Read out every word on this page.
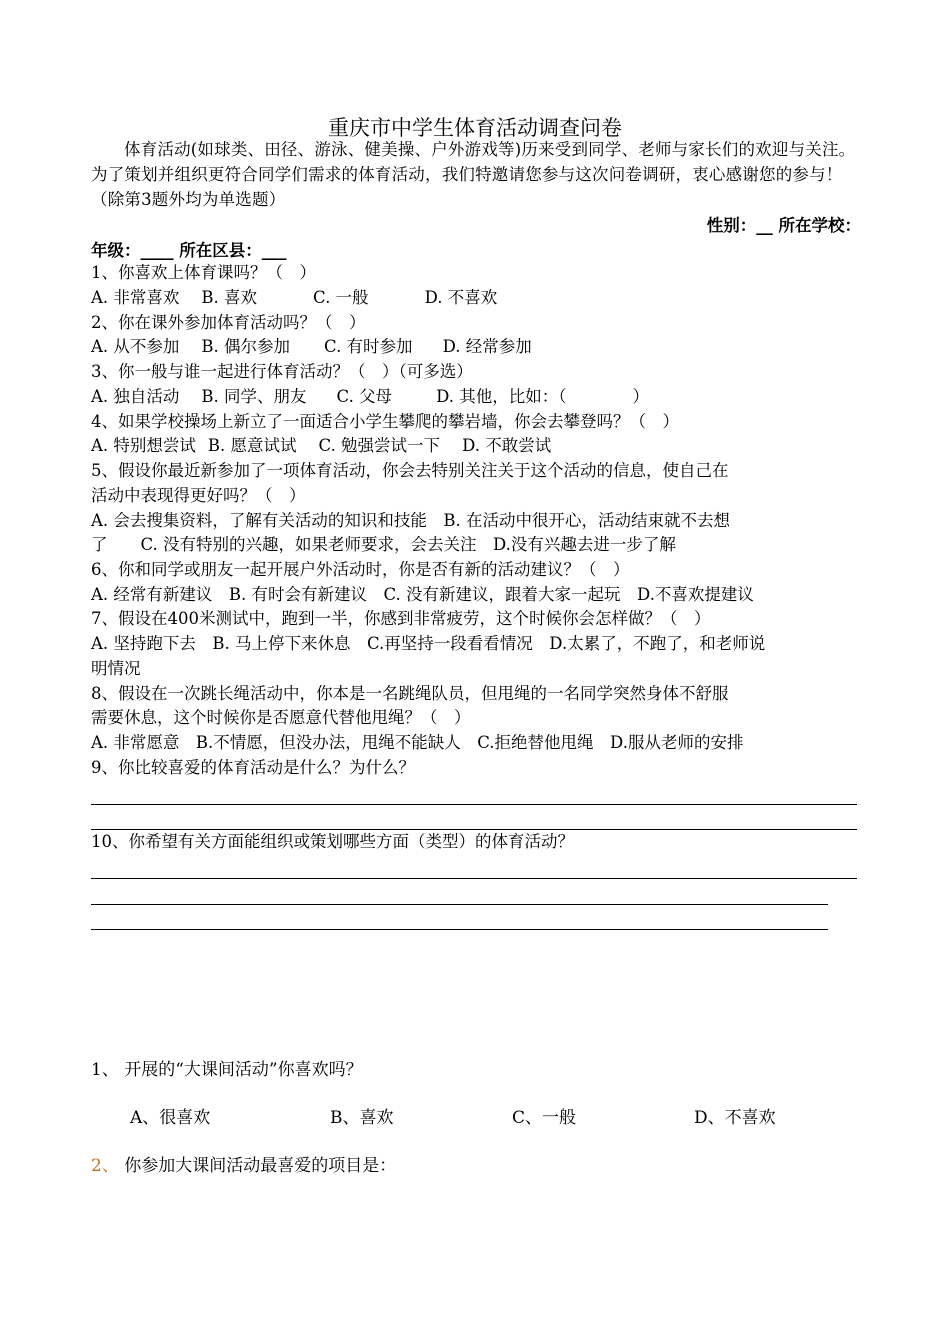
重庆市中学生体育活动调查问卷
体育活动(如球类、田径、游泳、健美操、户外游戏等)历来受到同学、老师与家长们的欢迎与关注。为了策划并组织更符合同学们需求的体育活动，我们特邀请您参与这次问卷调研，衷心感谢您的参与！（除第3题外均为单选题）
性别：__ 所在学校：
年级：____ 所在区县：___
1、你喜欢上体育课吗？（　）
A. 非常喜欢 B. 喜欢	C. 一般	D. 不喜欢
2、你在课外参加体育活动吗？（　）
A. 从不参加 B. 偶尔参加 C. 有时参加 D. 经常参加
3、你一般与谁一起进行体育活动？（　）（可多选）
A. 独自活动 B. 同学、朋友 C. 父母	D. 其他，比如：（　　　　）
4、如果学校操场上新立了一面适合小学生攀爬的攀岩墙，你会去攀登吗？（　）
A. 特别想尝试 B. 愿意试试 C. 勉强尝试一下 D. 不敢尝试
5、假设你最近新参加了一项体育活动，你会去特别关注关于这个活动的信息，使自己在
活动中表现得更好吗？（　）
A. 会去搜集资料，了解有关活动的知识和技能　B. 在活动中很开心，活动结束就不去想
了　　C. 没有特别的兴趣，如果老师要求，会去关注　D.没有兴趣去进一步了解
6、你和同学或朋友一起开展户外活动时，你是否有新的活动建议？（　）
A. 经常有新建议　B. 有时会有新建议　C. 没有新建议，跟着大家一起玩　D.不喜欢提建议
7、假设在400米测试中，跑到一半，你感到非常疲劳，这个时候你会怎样做？（　）
A. 坚持跑下去　B. 马上停下来休息　C.再坚持一段看看情况　D.太累了，不跑了，和老师说
明情况
8、假设在一次跳长绳活动中，你本是一名跳绳队员，但甩绳的一名同学突然身体不舒服
需要休息，这个时候你是否愿意代替他甩绳？（　）
A. 非常愿意　B.不情愿，但没办法，甩绳不能缺人　C.拒绝替他甩绳　D.服从老师的安排
9、你比较喜爱的体育活动是什么？为什么？
10、你希望有关方面能组织或策划哪些方面（类型）的体育活动？
1、 开展的“大课间活动”你喜欢吗？
A、很喜欢	B、喜欢	C、一般	D、不喜欢
2、 你参加大课间活动最喜爱的项目是：
